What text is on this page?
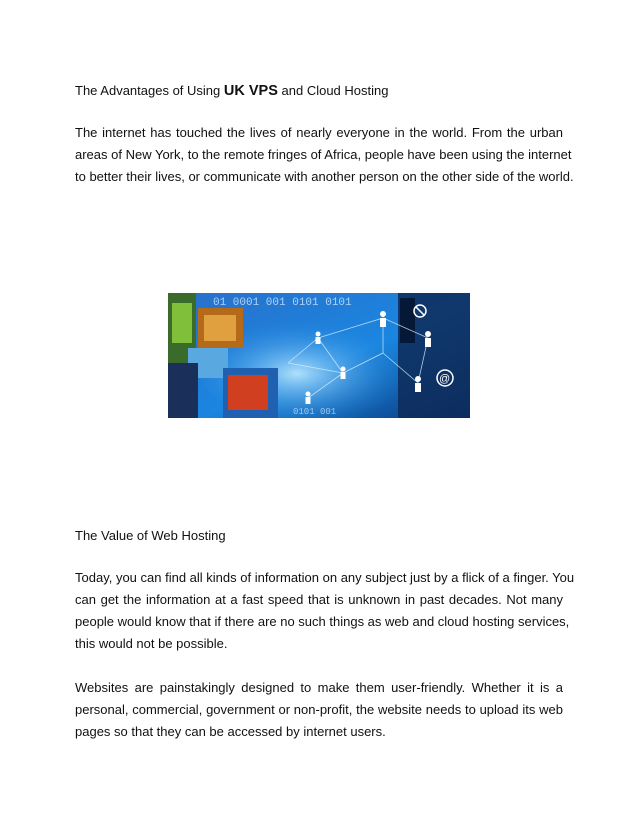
The Advantages of Using UK VPS and Cloud Hosting
The internet has touched the lives of nearly everyone in the world. From the urban
areas of New York, to the remote fringes of Africa, people have been using the internet
to better their lives, or communicate with another person on the other side of the world.
01 0001 001 0101 0101
0101 001
@
The Value of Web Hosting
Today, you can find all kinds of information on any subject just by a flick of a finger. You
can get the information at a fast speed that is unknown in past decades. Not many
people would know that if there are no such things as web and cloud hosting services,
this would not be possible.
Websites are painstakingly designed to make them user-friendly. Whether it is a
personal, commercial, government or non-profit, the website needs to upload its web
pages so that they can be accessed by internet users.
